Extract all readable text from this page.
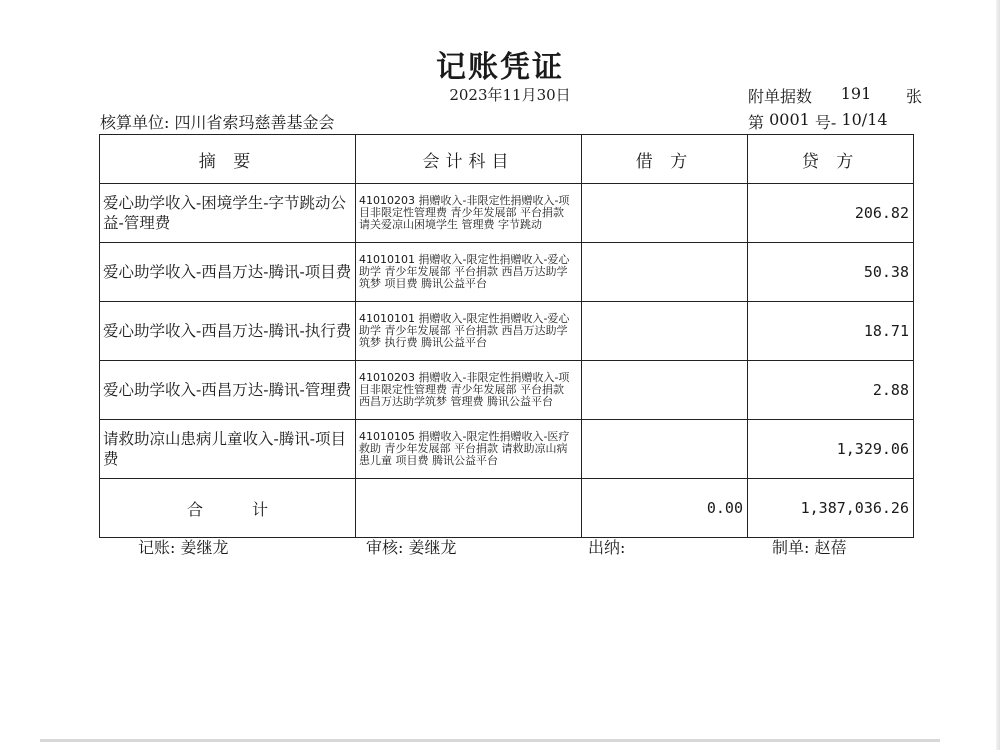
记账凭证
2023年11月30日	附单据数	191	张
核算单位: 四川省索玛慈善基金会	第
0001
号-
10/14
摘 要	会计科目	借 方	贷 方
爱心助学收入-困境学生-字节跳动公益-管理费	41010203 捐赠收入-非限定性捐赠收入-项目非限定性管理费 青少年发展部 平台捐款 请关爱凉山困境学生 管理费 字节跳动		206.82
爱心助学收入-西昌万达-腾讯-项目费	41010101 捐赠收入-限定性捐赠收入-爱心助学 青少年发展部 平台捐款 西昌万达助学筑梦 项目费 腾讯公益平台		50.38
爱心助学收入-西昌万达-腾讯-执行费	41010101 捐赠收入-限定性捐赠收入-爱心助学 青少年发展部 平台捐款 西昌万达助学筑梦 执行费 腾讯公益平台		18.71
爱心助学收入-西昌万达-腾讯-管理费	41010203 捐赠收入-非限定性捐赠收入-项目非限定性管理费 青少年发展部 平台捐款 西昌万达助学筑梦 管理费 腾讯公益平台		2.88
请救助凉山患病儿童收入-腾讯-项目费	41010105 捐赠收入-限定性捐赠收入-医疗救助 青少年发展部 平台捐款 请救助凉山病患儿童 项目费 腾讯公益平台		1,329.06
合 计		0.00	1,387,036.26
记账: 姜继龙	审核: 姜继龙	出纳:	制单: 赵蓓
